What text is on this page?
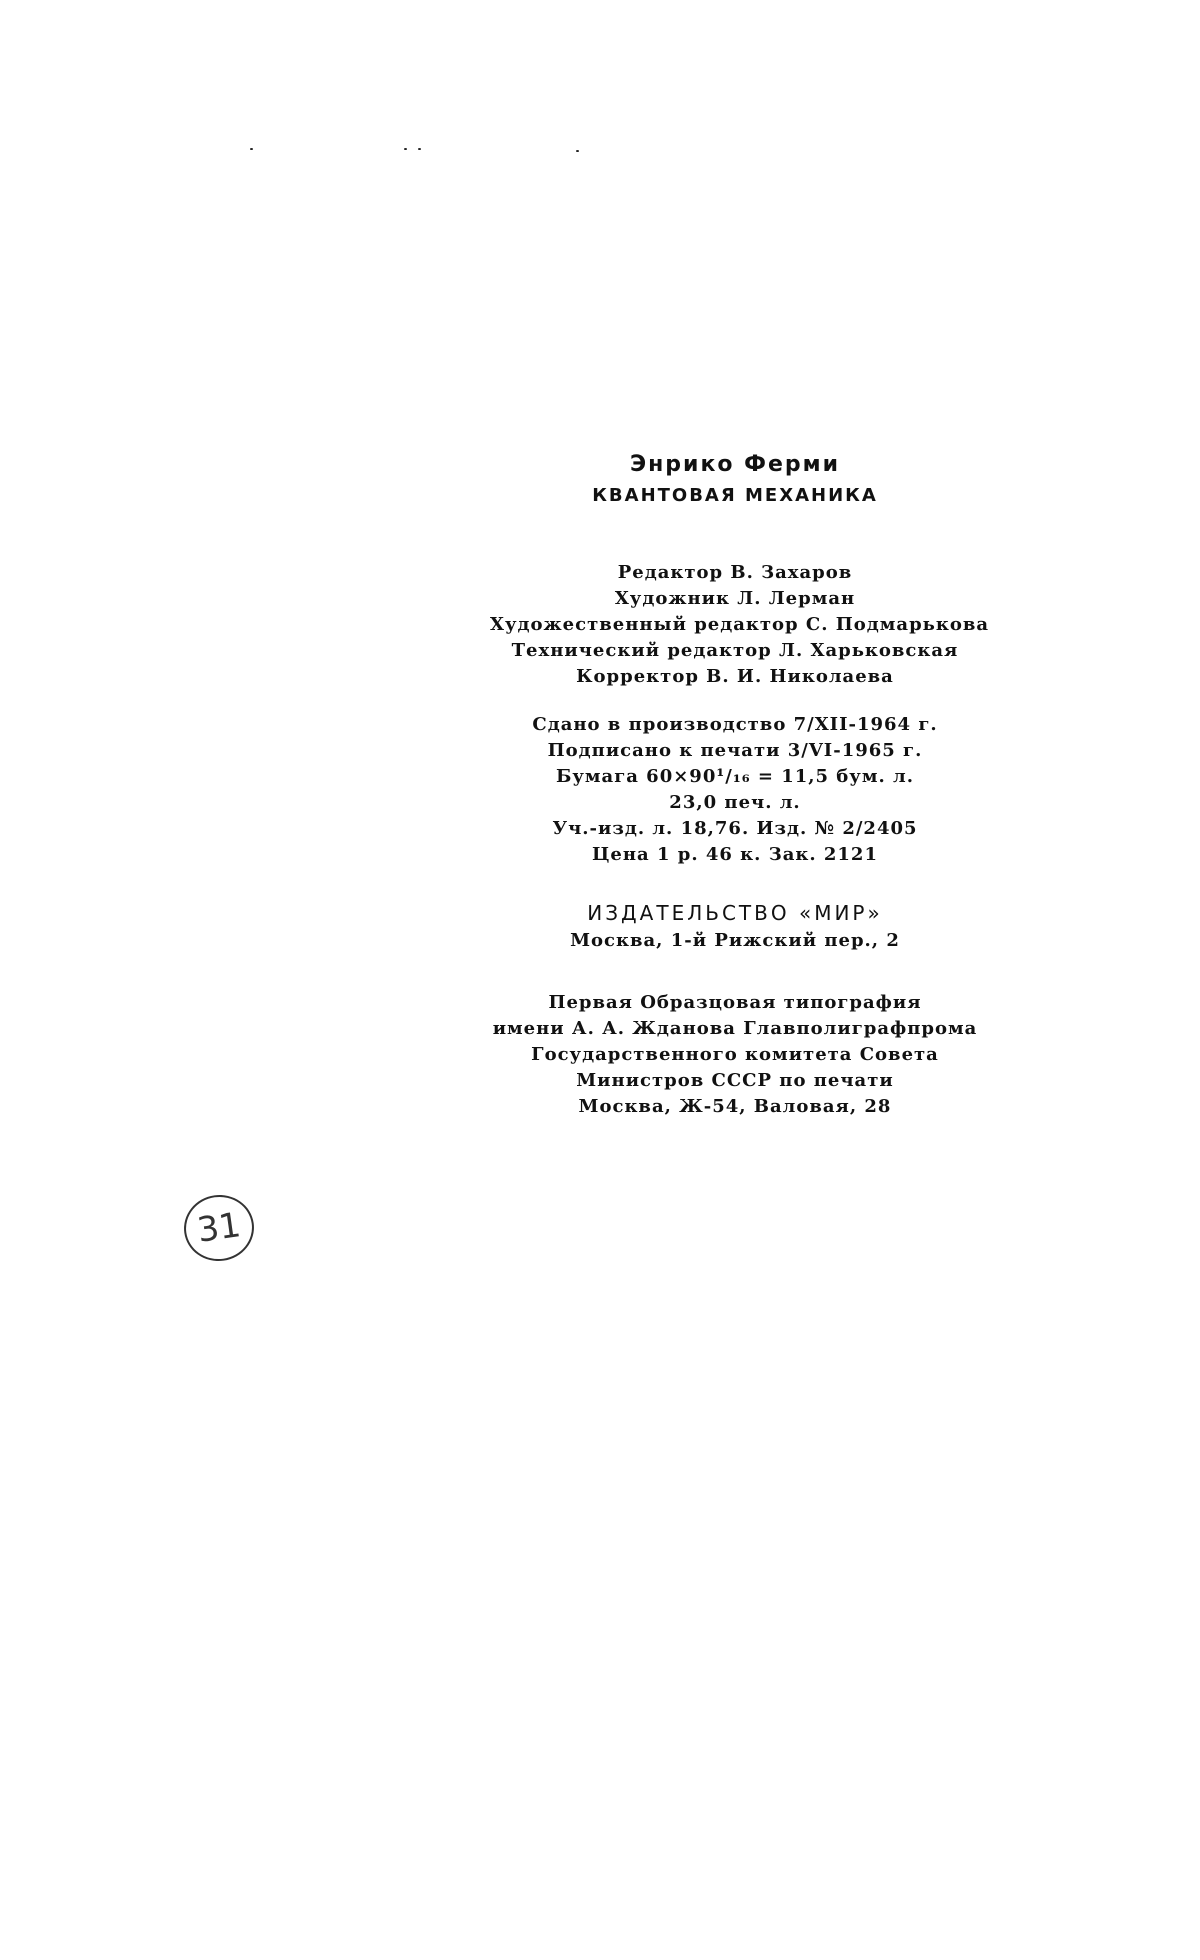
Энрико Ферми
КВАНТОВАЯ МЕХАНИКА
Редактор В. Захаров
Художник Л. Лерман
Художественный редактор С. Подмарькова
Технический редактор Л. Харьковская
Корректор В. И. Николаева
Сдано в производство 7/XII-1964 г.
Подписано к печати 3/VI-1965 г.
Бумага 60×90¹/₁₆ = 11,5 бум. л.
23,0 печ. л.
Уч.-изд. л. 18,76. Изд. № 2/2405
Цена 1 р. 46 к. Зак. 2121
ИЗДАТЕЛЬСТВО «МИР»
Москва, 1-й Рижский пер., 2
Первая Образцовая типография
имени А. А. Жданова Главполиграфпрома
Государственного комитета Совета
Министров СССР по печати
Москва, Ж-54, Валовая, 28
31
